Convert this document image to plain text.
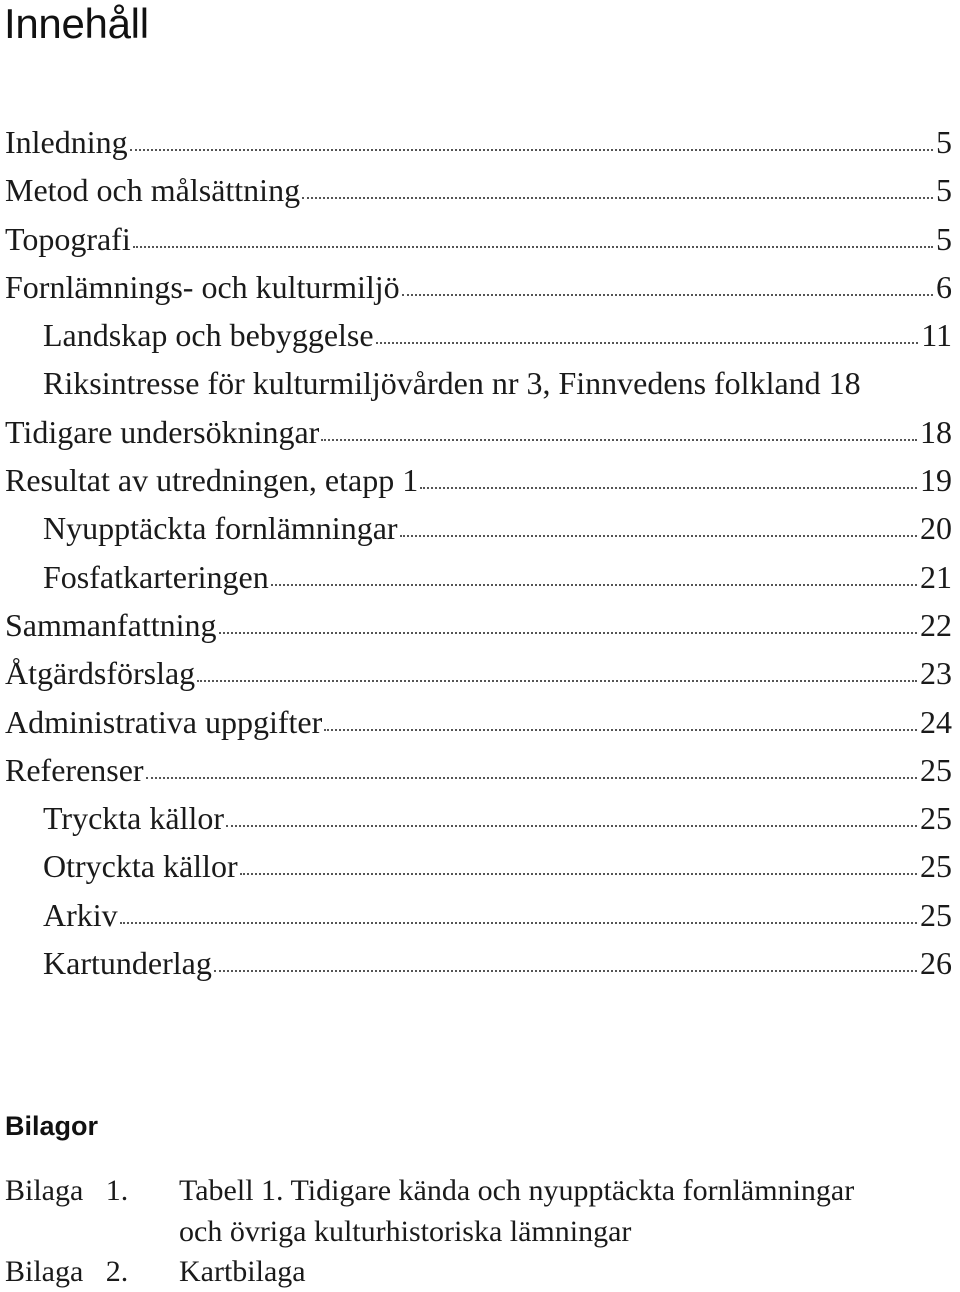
Innehåll
Inledning	5
Metod och målsättning	5
Topografi	5
Fornlämnings- och kulturmiljö	6
Landskap och bebyggelse	11
Riksintresse för kulturmiljövården nr 3, Finnvedens folkland 18
Tidigare undersökningar	18
Resultat av utredningen, etapp 1	19
Nyupptäckta fornlämningar	20
Fosfatkarteringen	21
Sammanfattning	22
Åtgärdsförslag	23
Administrativa uppgifter	24
Referenser	25
Tryckta källor	25
Otryckta källor	25
Arkiv	25
Kartunderlag	26
Bilagor
Bilaga   1. Tabell 1. Tidigare kända och nyupptäckta fornlämningar
och övriga kulturhistoriska lämningar
Bilaga   2. Kartbilaga
